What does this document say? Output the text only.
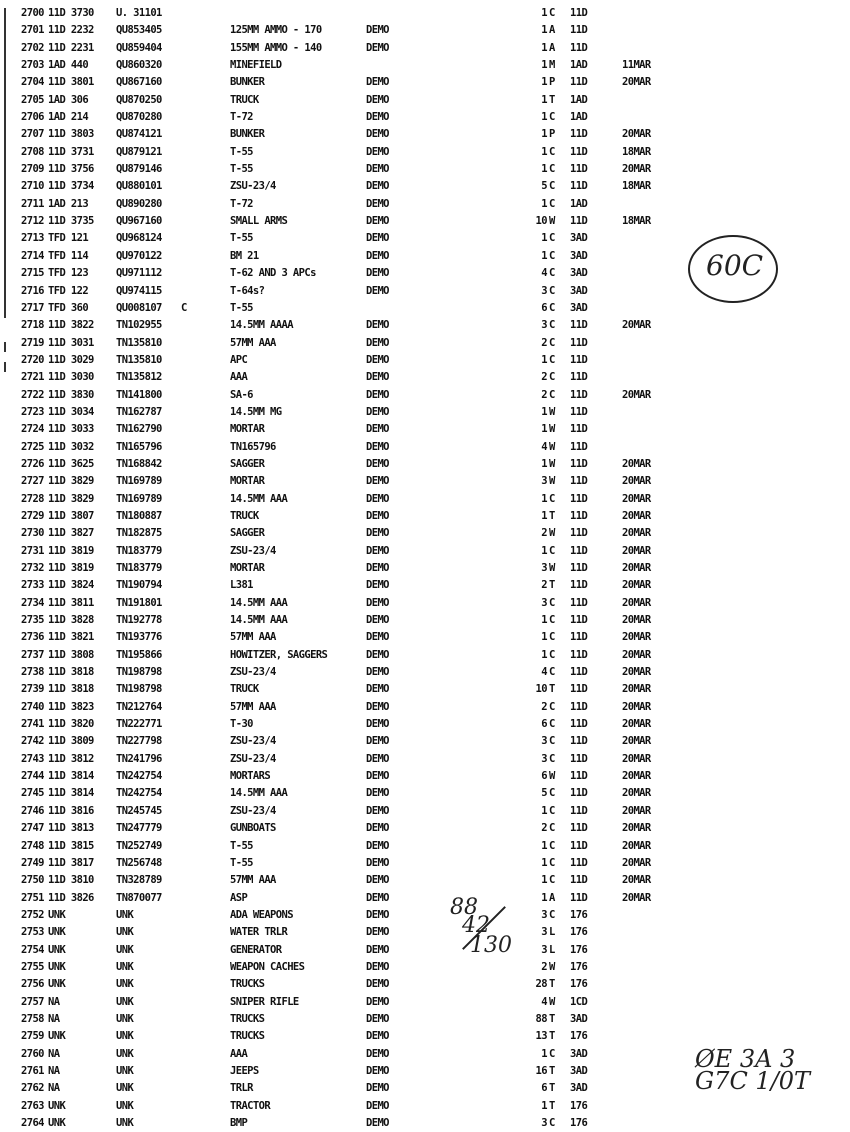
2700 11D 3730 U. 31101	1 C	11D
2701 11D 2232 QU853405	125MM AMMO - 170	DEMO	1 A	11D
2702 11D 2231 QU859404	155MM AMMO - 140	DEMO	1 A	11D
2703 1AD 440	QU860320	MINEFIELD	1 M	1AD	11MAR
2704 11D 3801 QU867160	BUNKER	DEMO	1 P	11D	20MAR
2705 1AD 306	QU870250	TRUCK	DEMO	1 T	1AD
2706 1AD 214	QU870280	T-72	DEMO	1 C	1AD
2707 11D 3803 QU874121	BUNKER	DEMO	1 P	11D	20MAR
2708 11D 3731 QU879121	T-55	DEMO	1 C	11D	18MAR
2709 11D 3756 QU879146	T-55	DEMO	1 C	11D	20MAR
2710 11D 3734 QU880101	ZSU-23/4	DEMO	5 C	11D	18MAR
2711 1AD 213	QU890280	T-72	DEMO	1 C	1AD
2712 11D 3735 QU967160	SMALL ARMS	DEMO	10 W	11D	18MAR
2713 TFD 121	QU968124	T-55	DEMO	1 C	3AD
2714 TFD 114	QU970122	BM 21	DEMO	1 C	3AD
2715 TFD 123	QU971112	T-62 AND 3 APCs	DEMO	4 C	3AD
2716 TFD 122	QU974115	T-64s?	DEMO	3 C	3AD
2717 TFD 360	QU008107 C	T-55	6 C	3AD
2718 11D 3822 TN102955	14.5MM AAAA	DEMO	3 C	11D	20MAR
2719 11D 3031 TN135810	57MM AAA	DEMO	2 C	11D
2720 11D 3029 TN135810	APC	DEMO	1 C	11D
2721 11D 3030 TN135812	AAA	DEMO	2 C	11D
2722 11D 3830 TN141800	SA-6	DEMO	2 C	11D	20MAR
2723 11D 3034 TN162787	14.5MM MG	DEMO	1 W	11D
2724 11D 3033 TN162790	MORTAR	DEMO	1 W	11D
2725 11D 3032 TN165796	TN165796	DEMO	4 W	11D
2726 11D 3625 TN168842	SAGGER	DEMO	1 W	11D	20MAR
2727 11D 3829 TN169789	MORTAR	DEMO	3 W	11D	20MAR
2728 11D 3829 TN169789	14.5MM AAA	DEMO	1 C	11D	20MAR
2729 11D 3807 TN180887	TRUCK	DEMO	1 T	11D	20MAR
2730 11D 3827 TN182875	SAGGER	DEMO	2 W	11D	20MAR
2731 11D 3819 TN183779	ZSU-23/4	DEMO	1 C	11D	20MAR
2732 11D 3819 TN183779	MORTAR	DEMO	3 W	11D	20MAR
2733 11D 3824 TN190794	L381	DEMO	2 T	11D	20MAR
2734 11D 3811 TN191801	14.5MM AAA	DEMO	3 C	11D	20MAR
2735 11D 3828 TN192778	14.5MM AAA	DEMO	1 C	11D	20MAR
2736 11D 3821 TN193776	57MM AAA	DEMO	1 C	11D	20MAR
2737 11D 3808 TN195866	HOWITZER, SAGGERS	DEMO	1 C	11D	20MAR
2738 11D 3818 TN198798	ZSU-23/4	DEMO	4 C	11D	20MAR
2739 11D 3818 TN198798	TRUCK	DEMO	10 T	11D	20MAR
2740 11D 3823 TN212764	57MM AAA	DEMO	2 C	11D	20MAR
2741 11D 3820 TN222771	T-30	DEMO	6 C	11D	20MAR
2742 11D 3809 TN227798	ZSU-23/4	DEMO	3 C	11D	20MAR
2743 11D 3812 TN241796	ZSU-23/4	DEMO	3 C	11D	20MAR
2744 11D 3814 TN242754	MORTARS	DEMO	6 W	11D	20MAR
2745 11D 3814 TN242754	14.5MM AAA	DEMO	5 C	11D	20MAR
2746 11D 3816 TN245745	ZSU-23/4	DEMO	1 C	11D	20MAR
2747 11D 3813 TN247779	GUNBOATS	DEMO	2 C	11D	20MAR
2748 11D 3815 TN252749	T-55	DEMO	1 C	11D	20MAR
2749 11D 3817 TN256748	T-55	DEMO	1 C	11D	20MAR
2750 11D 3810 TN328789	57MM AAA	DEMO	1 C	11D	20MAR
2751 11D 3826 TN870077	ASP	DEMO	1 A	11D	20MAR
2752 UNK	UNK	ADA WEAPONS	DEMO	3 C	176
2753 UNK	UNK	WATER TRLR	DEMO	3 L	176
2754 UNK	UNK	GENERATOR	DEMO	3 L	176
2755 UNK	UNK	WEAPON CACHES	DEMO	2 W	176
2756 UNK	UNK	TRUCKS	DEMO	28 T	176
2757 NA	UNK	SNIPER RIFLE	DEMO	4 W	1CD
2758 NA	UNK	TRUCKS	DEMO	88 T	3AD
2759 UNK	UNK	TRUCKS	DEMO	13 T	176
2760 NA	UNK	AAA	DEMO	1 C	3AD
2761 NA	UNK	JEEPS	DEMO	16 T	3AD
2762 NA	UNK	TRLR	DEMO	6 T	3AD
2763 UNK	UNK	TRACTOR	DEMO	1 T	176
2764 UNK	UNK	BMP	DEMO	3 C	176
60C
88
42
130
ØE 3A 3
G7C 1/0T
